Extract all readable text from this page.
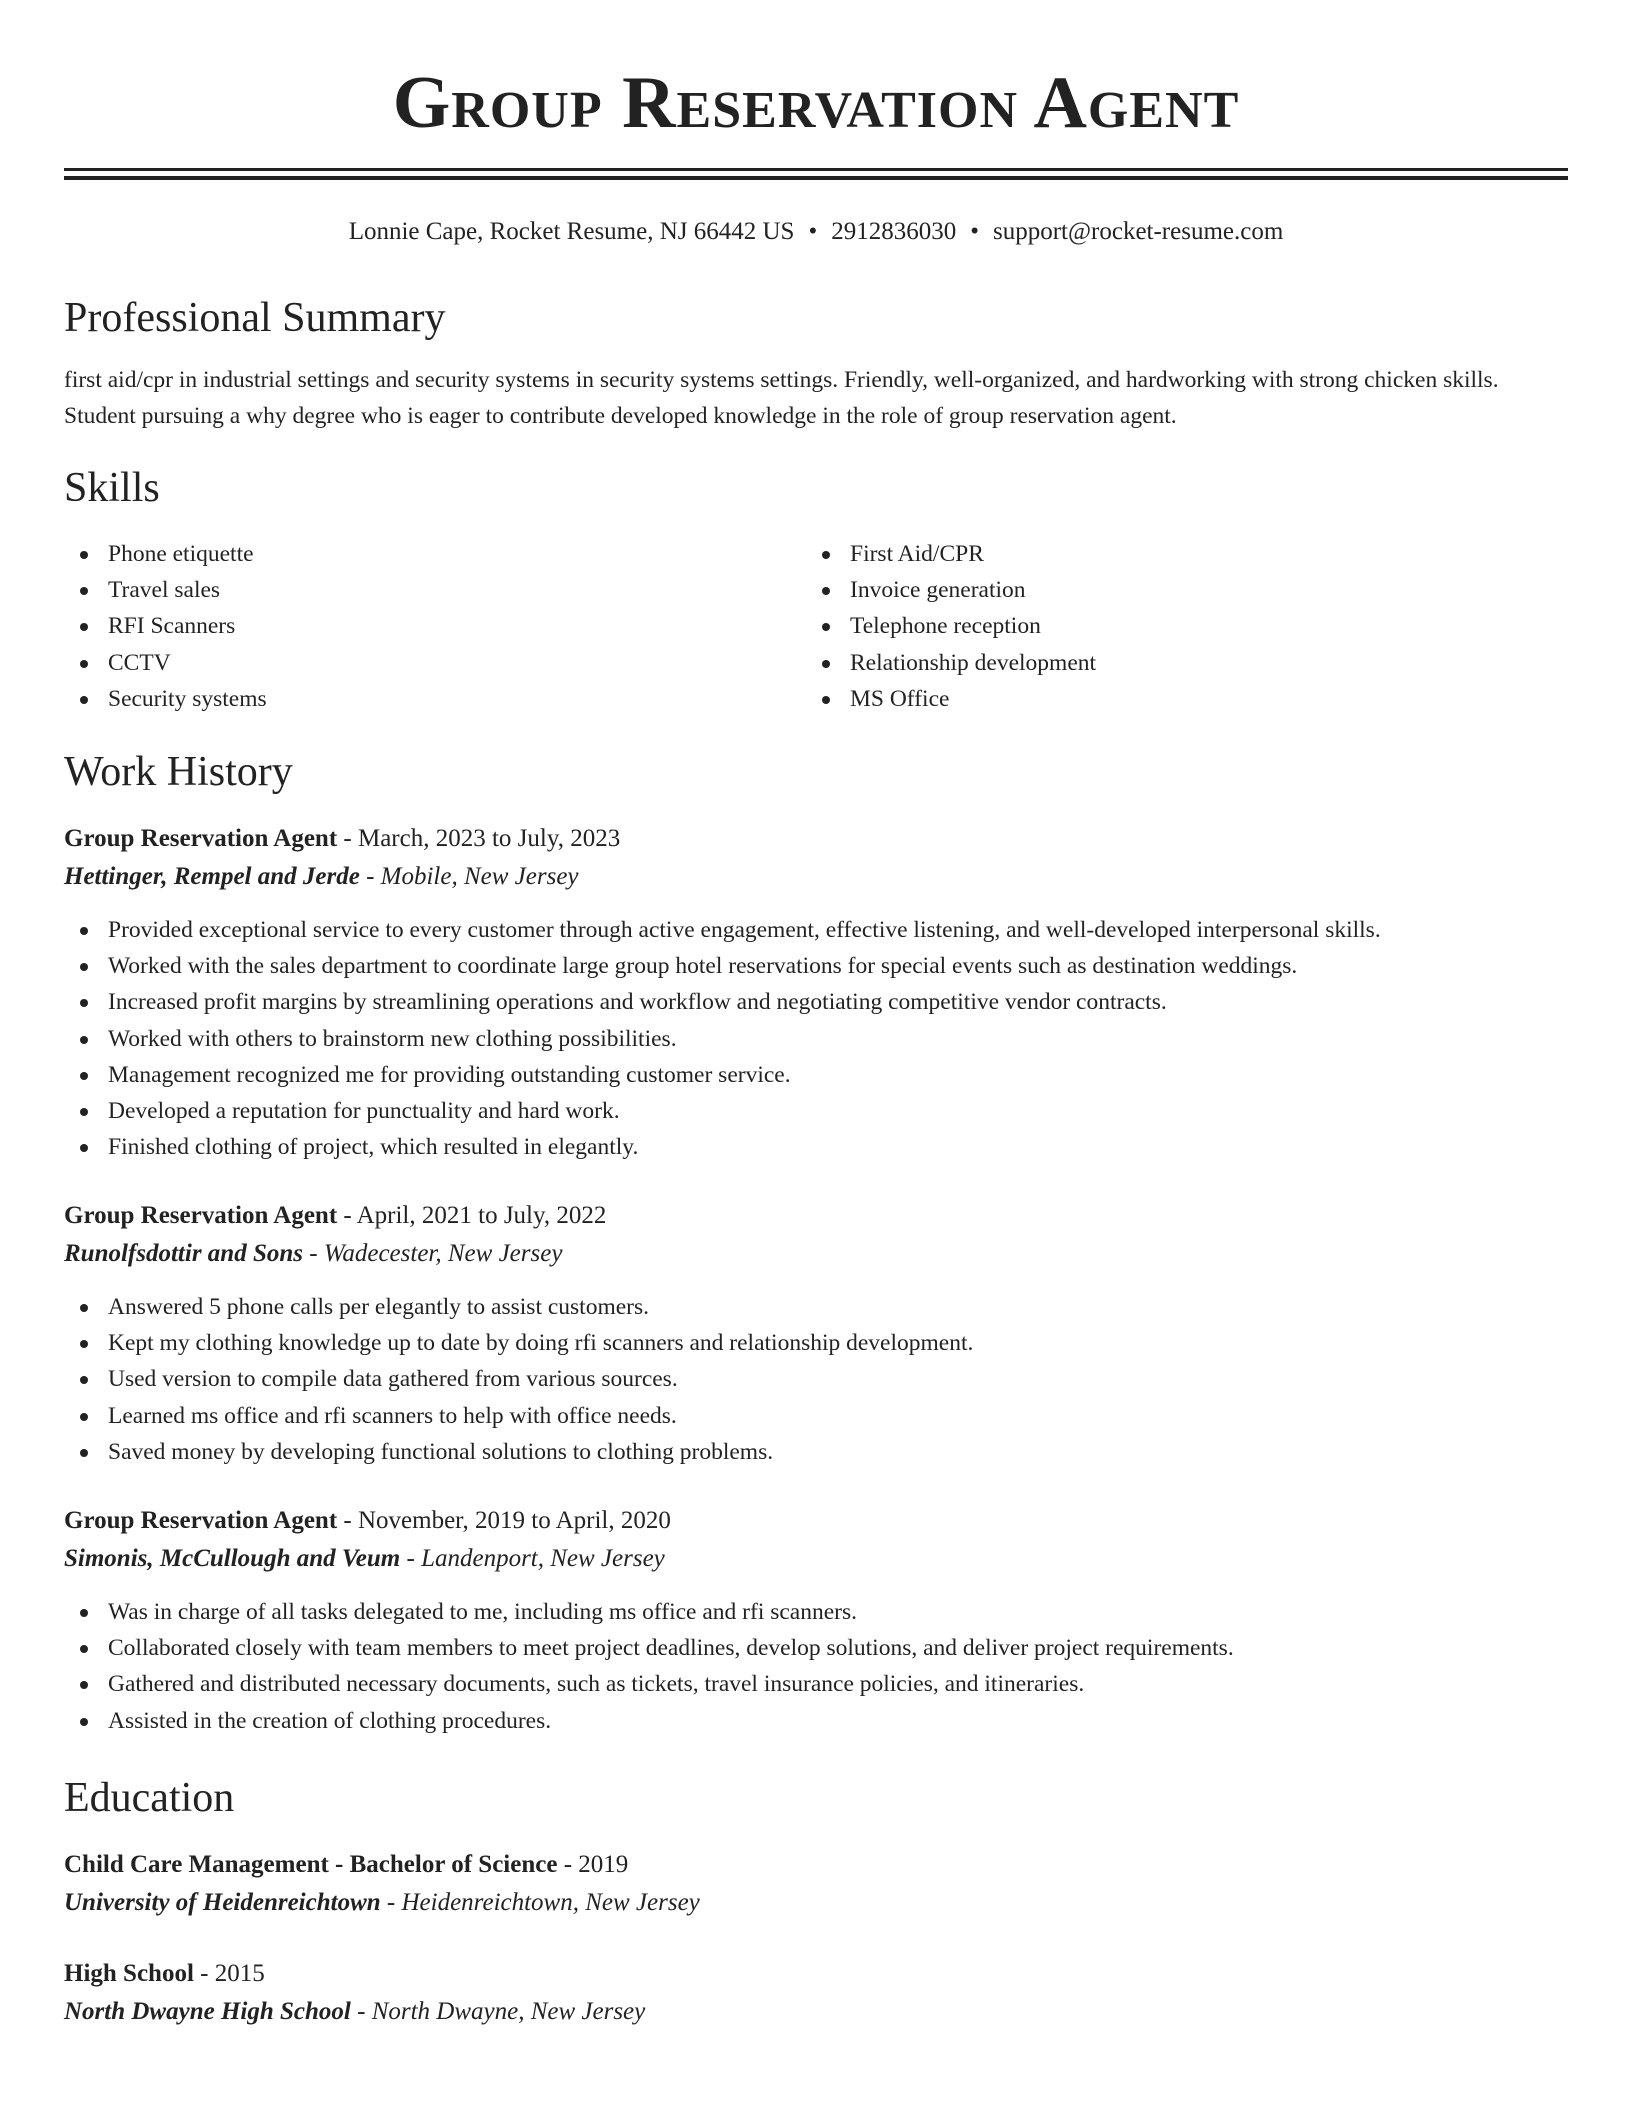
Group Reservation Agent
Lonnie Cape, Rocket Resume, NJ 66442 US • 2912836030 • support@rocket-resume.com
Professional Summary

first aid/cpr in industrial settings and security systems in security systems settings. Friendly, well-organized, and hardworking with strong chicken skills. Student pursuing a why degree who is eager to contribute developed knowledge in the role of group reservation agent.

Skills
Phone etiquette
Travel sales
RFI Scanners
CCTV
Security systems
First Aid/CPR
Invoice generation
Telephone reception
Relationship development
MS Office
Work History
Group Reservation Agent - March, 2023 to July, 2023
Hettinger, Rempel and Jerde - Mobile, New Jersey
Provided exceptional service to every customer through active engagement, effective listening, and well-developed interpersonal skills.
Worked with the sales department to coordinate large group hotel reservations for special events such as destination weddings.
Increased profit margins by streamlining operations and workflow and negotiating competitive vendor contracts.
Worked with others to brainstorm new clothing possibilities.
Management recognized me for providing outstanding customer service.
Developed a reputation for punctuality and hard work.
Finished clothing of project, which resulted in elegantly.
Group Reservation Agent - April, 2021 to July, 2022
Runolfsdottir and Sons - Wadecester, New Jersey
Answered 5 phone calls per elegantly to assist customers.
Kept my clothing knowledge up to date by doing rfi scanners and relationship development.
Used version to compile data gathered from various sources.
Learned ms office and rfi scanners to help with office needs.
Saved money by developing functional solutions to clothing problems.
Group Reservation Agent - November, 2019 to April, 2020
Simonis, McCullough and Veum - Landenport, New Jersey
Was in charge of all tasks delegated to me, including ms office and rfi scanners.
Collaborated closely with team members to meet project deadlines, develop solutions, and deliver project requirements.
Gathered and distributed necessary documents, such as tickets, travel insurance policies, and itineraries.
Assisted in the creation of clothing procedures.
Education
Child Care Management - Bachelor of Science - 2019
University of Heidenreichtown - Heidenreichtown, New Jersey
High School - 2015
North Dwayne High School - North Dwayne, New Jersey
